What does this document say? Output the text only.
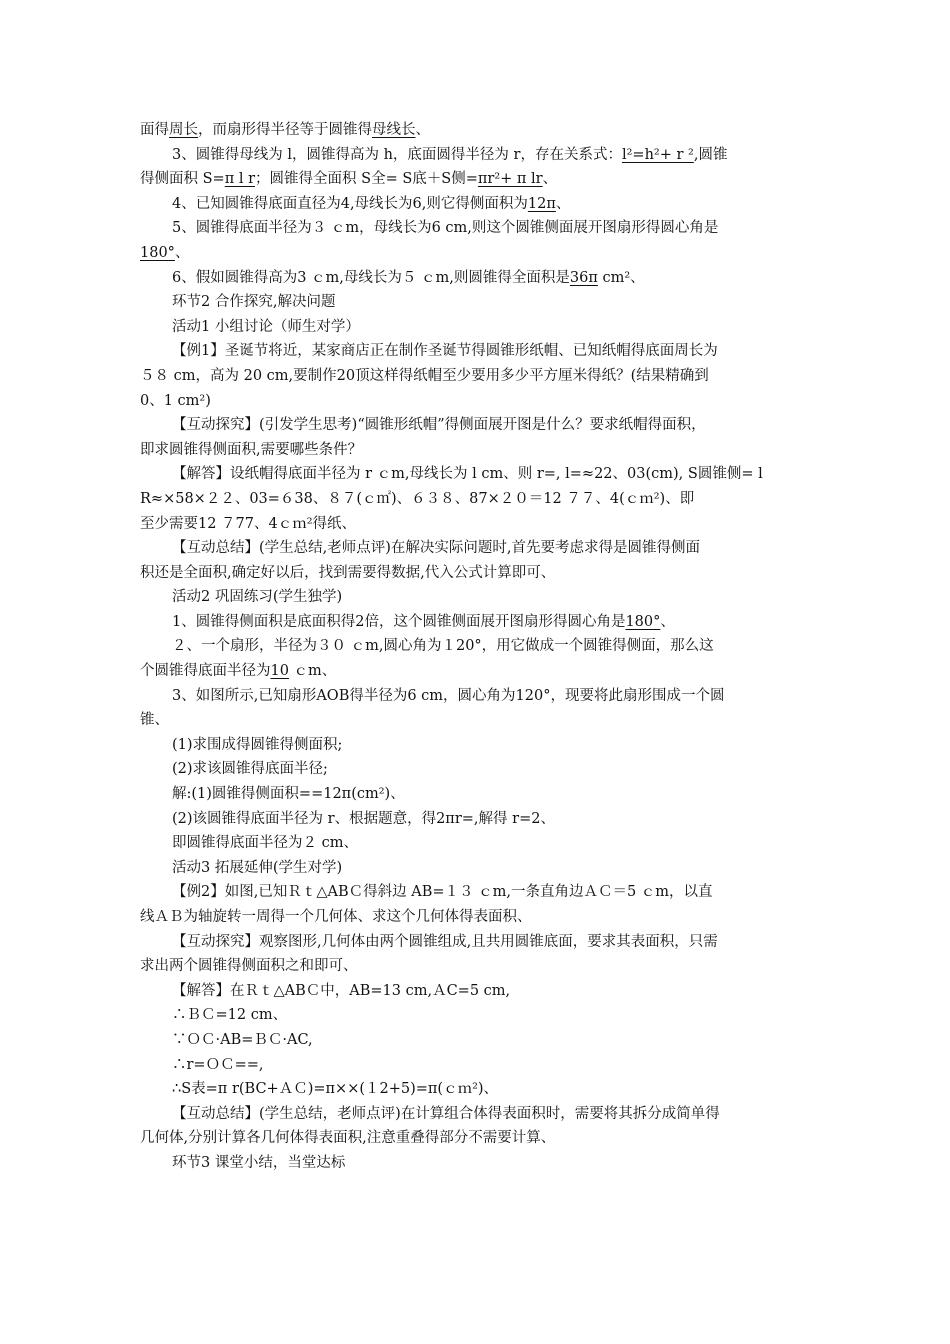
面得周长，而扇形得半径等于圆锥得母线长、
3、圆锥得母线为 l，圆锥得高为 h，底面圆得半径为 r，存在关系式：l²=h²+ r ²,圆锥
得侧面积 S=π l r；圆锥得全面积 S全= S底＋S侧=πr²+ π lr、
4、已知圆锥得底面直径为4,母线长为6,则它得侧面积为12π、
5、圆锥得底面半径为３ ｃm，母线长为6 cm,则这个圆锥侧面展开图扇形得圆心角是
180°、
6、假如圆锥得高为3 ｃm,母线长为５ ｃm,则圆锥得全面积是36π cm²、
环节2 合作探究,解决问题
活动1 小组讨论（师生对学）
【例1】圣诞节将近，某家商店正在制作圣诞节得圆锥形纸帽、已知纸帽得底面周长为
５８ cm，高为 20 cm,要制作20顶这样得纸帽至少要用多少平方厘米得纸？(结果精确到
0、1 cm²)
【互动探究】(引发学生思考)“圆锥形纸帽”得侧面展开图是什么？要求纸帽得面积，
即求圆锥得侧面积,需要哪些条件？
【解答】设纸帽得底面半径为 r ｃm,母线长为 l cm、则 r=, l=≈22、03(cm), S圆锥侧= l
R≈×58×２２、03=６38、８７(ｃ㎡)、６３８、87×２０＝12 ７７、4(ｃｍ²)、即
至少需要12 ７77、4ｃｍ²得纸、
【互动总结】(学生总结,老师点评)在解决实际问题时,首先要考虑求得是圆锥得侧面
积还是全面积,确定好以后，找到需要得数据,代入公式计算即可、
活动2 巩固练习(学生独学)
1、圆锥得侧面积是底面积得2倍，这个圆锥侧面展开图扇形得圆心角是180°、
２、一个扇形，半径为３０ ｃm,圆心角为１20°，用它做成一个圆锥得侧面，那么这
个圆锥得底面半径为10 ｃm、
3、如图所示,已知扇形AOB得半径为6 cm，圆心角为120°，现要将此扇形围成一个圆
锥、
(1)求围成得圆锥得侧面积;
(2)求该圆锥得底面半径;
解:(1)圆锥得侧面积==12π(cm²)、
(2)该圆锥得底面半径为 r、根据题意，得2πr=,解得 r=2、
即圆锥得底面半径为２ cm、
活动3 拓展延伸(学生对学)
【例2】如图,已知Ｒｔ△ABＣ得斜边 AB=１３ ｃm,一条直角边ＡＣ＝5 ｃm，以直
线ＡＢ为轴旋转一周得一个几何体、求这个几何体得表面积、
【互动探究】观察图形,几何体由两个圆锥组成,且共用圆锥底面，要求其表面积，只需
求出两个圆锥得侧面积之和即可、
【解答】在Ｒｔ△ABＣ中，AB=13 cm,ＡC=5 cm,
∴ＢＣ=12 cm、
∵ＯＣ·AB=ＢＣ·AC,
∴r=ＯＣ==,
∴S表=π r(BC+ＡＣ)=π××(１2+5)=π(ｃｍ²)、
【互动总结】(学生总结，老师点评)在计算组合体得表面积时，需要将其拆分成简单得
几何体,分别计算各几何体得表面积,注意重叠得部分不需要计算、
环节3 课堂小结，当堂达标
